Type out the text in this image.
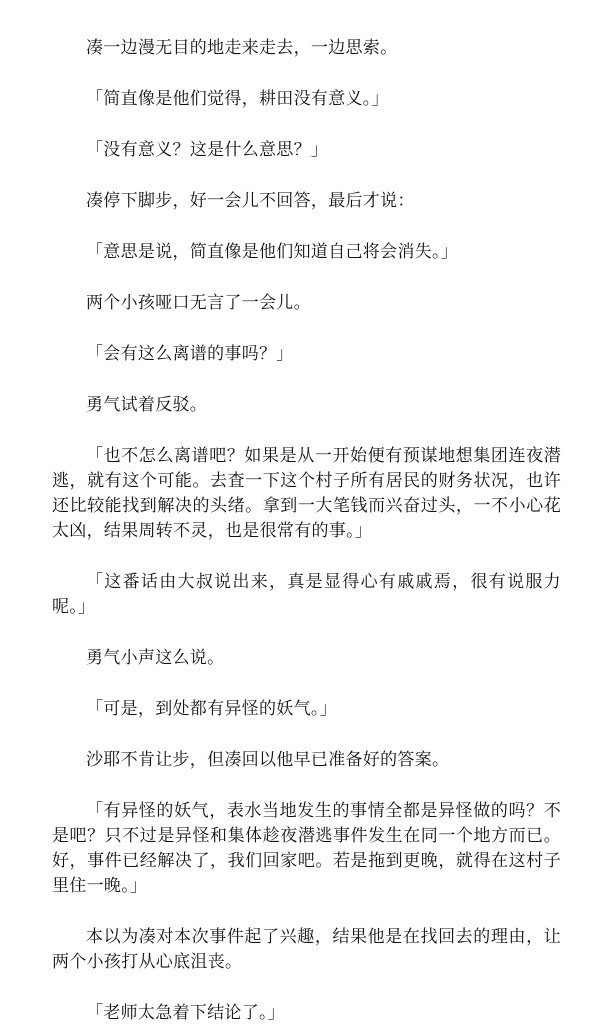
凑一边漫无目的地走来走去，一边思索。

「简直像是他们觉得，耕田没有意义。」

「没有意义？这是什么意思？」

凑停下脚步，好一会儿不回答，最后才说：

「意思是说，简直像是他们知道自己将会消失。」

两个小孩哑口无言了一会儿。

「会有这么离谱的事吗？」

勇气试着反驳。

「也不怎么离谱吧？如果是从一开始便有预谋地想集团连夜潜逃，就有这个可能。去査一下这个村子所有居民的财务状况，也许还比较能找到解决的头绪。拿到一大笔钱而兴奋过头，一不小心花太凶，结果周转不灵，也是很常有的事。」

「这番话由大叔说出来，真是显得心有戚戚焉，很有说服力呢。」

勇气小声这么说。

「可是，到处都有异怪的妖气。」

沙耶不肯让步，但凑回以他早已准备好的答案。

「有异怪的妖气，表水当地发生的事情全都是异怪做的吗？不是吧？只不过是异怪和集体趁夜潜逃事件发生在同一个地方而已。好，事件已经解决了，我们回家吧。若是拖到更晚，就得在这村子里住一晚。」

本以为凑对本次事件起了兴趣，结果他是在找回去的理由，让两个小孩打从心底沮丧。

「老师太急着下结论了。」
